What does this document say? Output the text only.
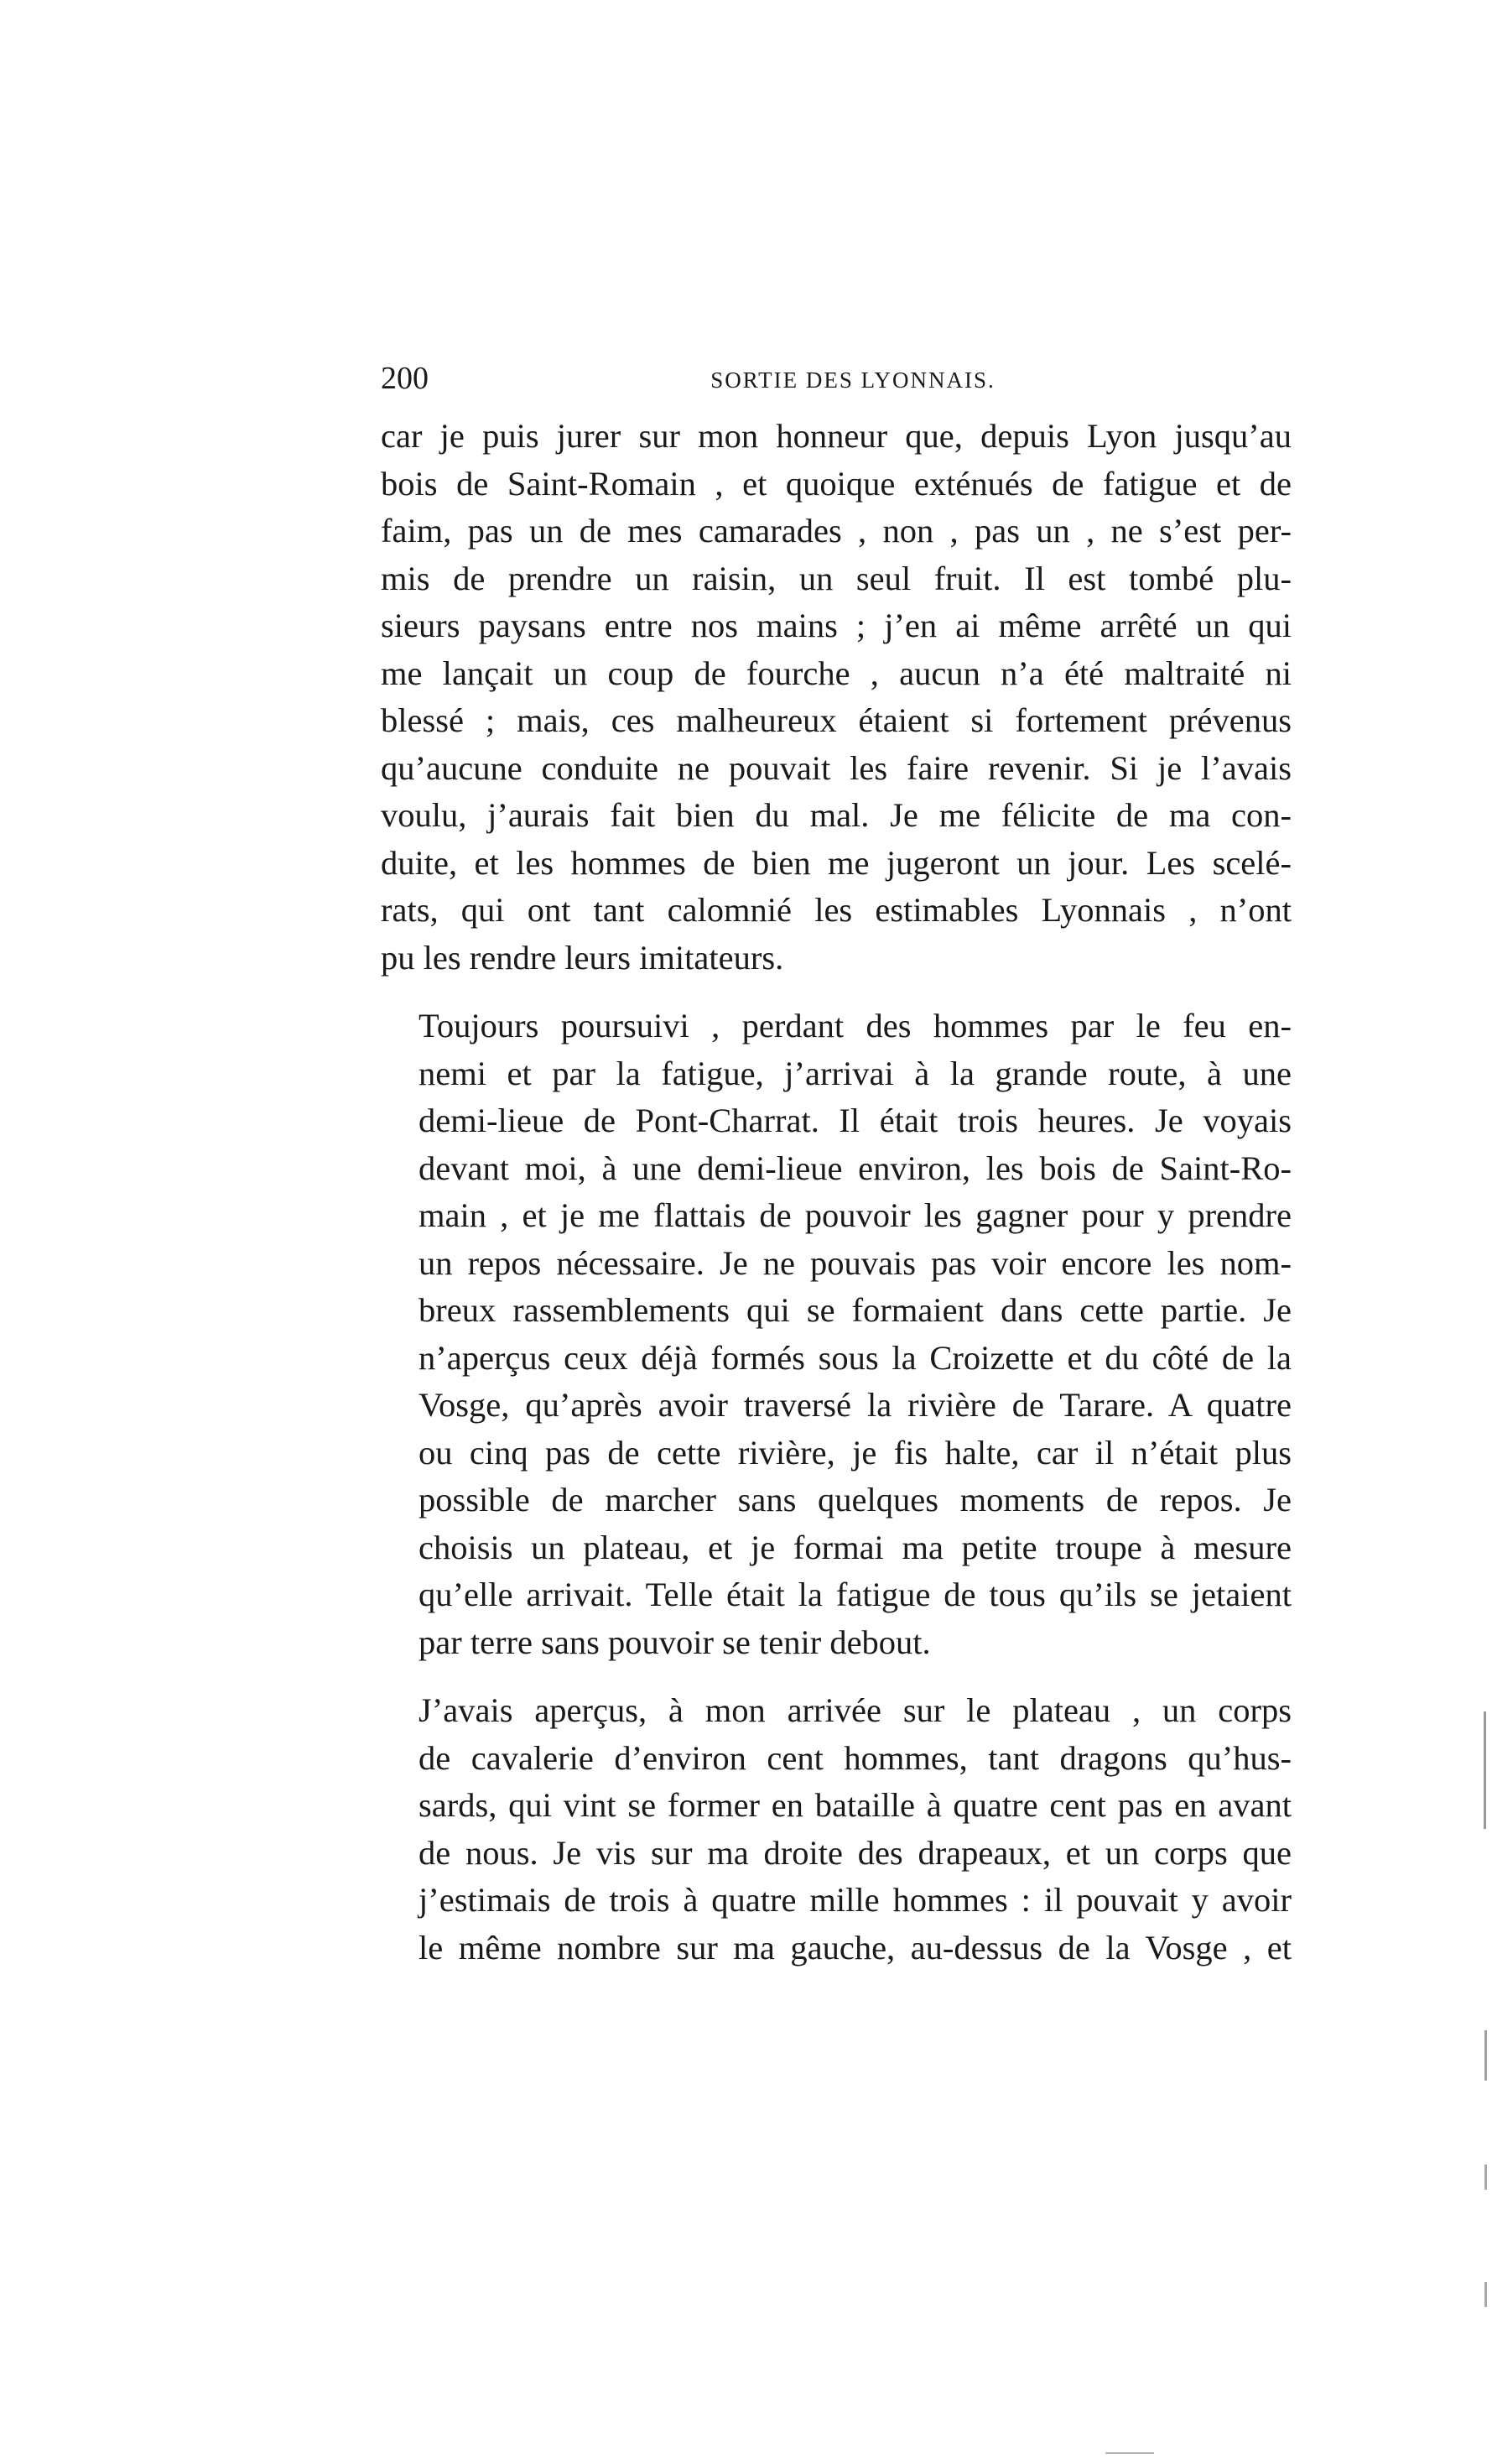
200	SORTIE DES LYONNAIS.

car je puis jurer sur mon honneur que, depuis Lyon jusqu’au
bois de Saint-Romain , et quoique exténués de fatigue et de
faim, pas un de mes camarades , non , pas un , ne s’est per-
mis de prendre un raisin, un seul fruit. Il est tombé plu-
sieurs paysans entre nos mains ; j’en ai même arrêté un qui
me lançait un coup de fourche , aucun n’a été maltraité ni
blessé ; mais, ces malheureux étaient si fortement prévenus
qu’aucune conduite ne pouvait les faire revenir. Si je l’avais
voulu, j’aurais fait bien du mal. Je me félicite de ma con-
duite, et les hommes de bien me jugeront un jour. Les scelé-
rats, qui ont tant calomnié les estimables Lyonnais , n’ont
pu les rendre leurs imitateurs.

Toujours poursuivi , perdant des hommes par le feu en-
nemi et par la fatigue, j’arrivai à la grande route, à une
demi-lieue de Pont-Charrat. Il était trois heures. Je voyais
devant moi, à une demi-lieue environ, les bois de Saint-Ro-
main , et je me flattais de pouvoir les gagner pour y prendre
un repos nécessaire. Je ne pouvais pas voir encore les nom-
breux rassemblements qui se formaient dans cette partie. Je
n’aperçus ceux déjà formés sous la Croizette et du côté de la
Vosge, qu’après avoir traversé la rivière de Tarare. A quatre
ou cinq pas de cette rivière, je fis halte, car il n’était plus
possible de marcher sans quelques moments de repos. Je
choisis un plateau, et je formai ma petite troupe à mesure
qu’elle arrivait. Telle était la fatigue de tous qu’ils se jetaient
par terre sans pouvoir se tenir debout.

J’avais aperçus, à mon arrivée sur le plateau , un corps
de cavalerie d’environ cent hommes, tant dragons qu’hus-
sards, qui vint se former en bataille à quatre cent pas en avant
de nous. Je vis sur ma droite des drapeaux, et un corps que
j’estimais de trois à quatre mille hommes : il pouvait y avoir
le même nombre sur ma gauche, au-dessus de la Vosge , et
